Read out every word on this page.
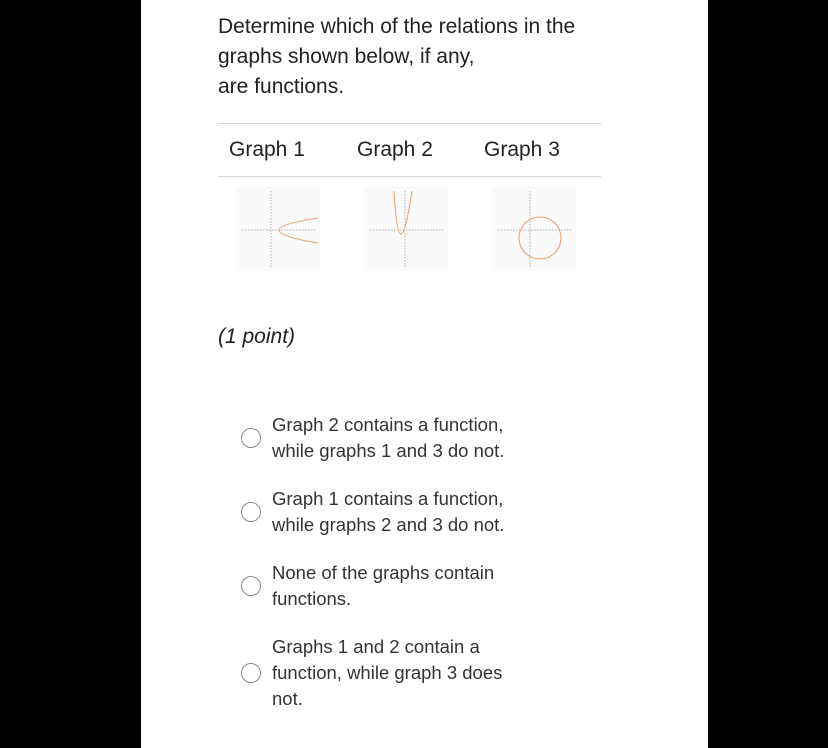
Determine which of the relations in the
graphs shown below, if any,
are functions.
Graph 1 Graph 2 Graph 3
(1 point)
Graph 2 contains a function,
while graphs 1 and 3 do not.
Graph 1 contains a function,
while graphs 2 and 3 do not.
None of the graphs contain
functions.
Graphs 1 and 2 contain a
function, while graph 3 does
not.
